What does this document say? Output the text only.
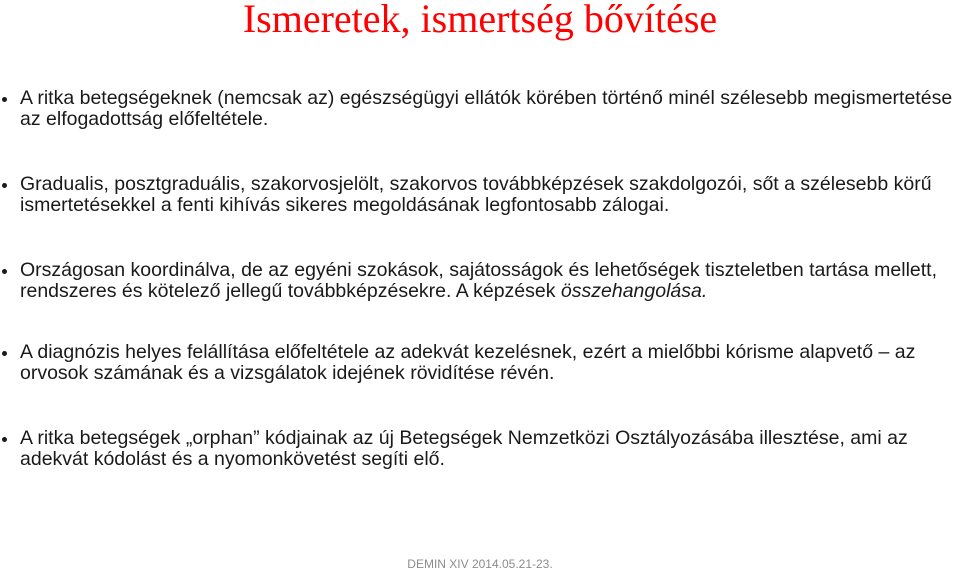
Ismeretek, ismertség bővítése
A ritka betegségeknek (nemcsak az) egészségügyi ellátók körében történő minél szélesebb megismertetése az elfogadottság előfeltétele.
Gradualis, posztgraduális, szakorvosjelölt, szakorvos továbbképzések szakdolgozói, sőt a szélesebb körű ismertetésekkel a fenti kihívás sikeres megoldásának legfontosabb zálogai.
Országosan koordinálva, de az egyéni szokások, sajátosságok és lehetőségek tiszteletben tartása mellett, rendszeres és kötelező jellegű továbbképzésekre. A képzések összehangolása.
A diagnózis helyes felállítása előfeltétele az adekvát kezelésnek, ezért a mielőbbi kórisme alapvető – az orvosok számának és a vizsgálatok idejének rövidítése révén.
A ritka betegségek „orphan” kódjainak az új Betegségek Nemzetközi Osztályozásába illesztése, ami az adekvát kódolást és a nyomonkövetést segíti elő.
DEMIN XIV 2014.05.21-23.
